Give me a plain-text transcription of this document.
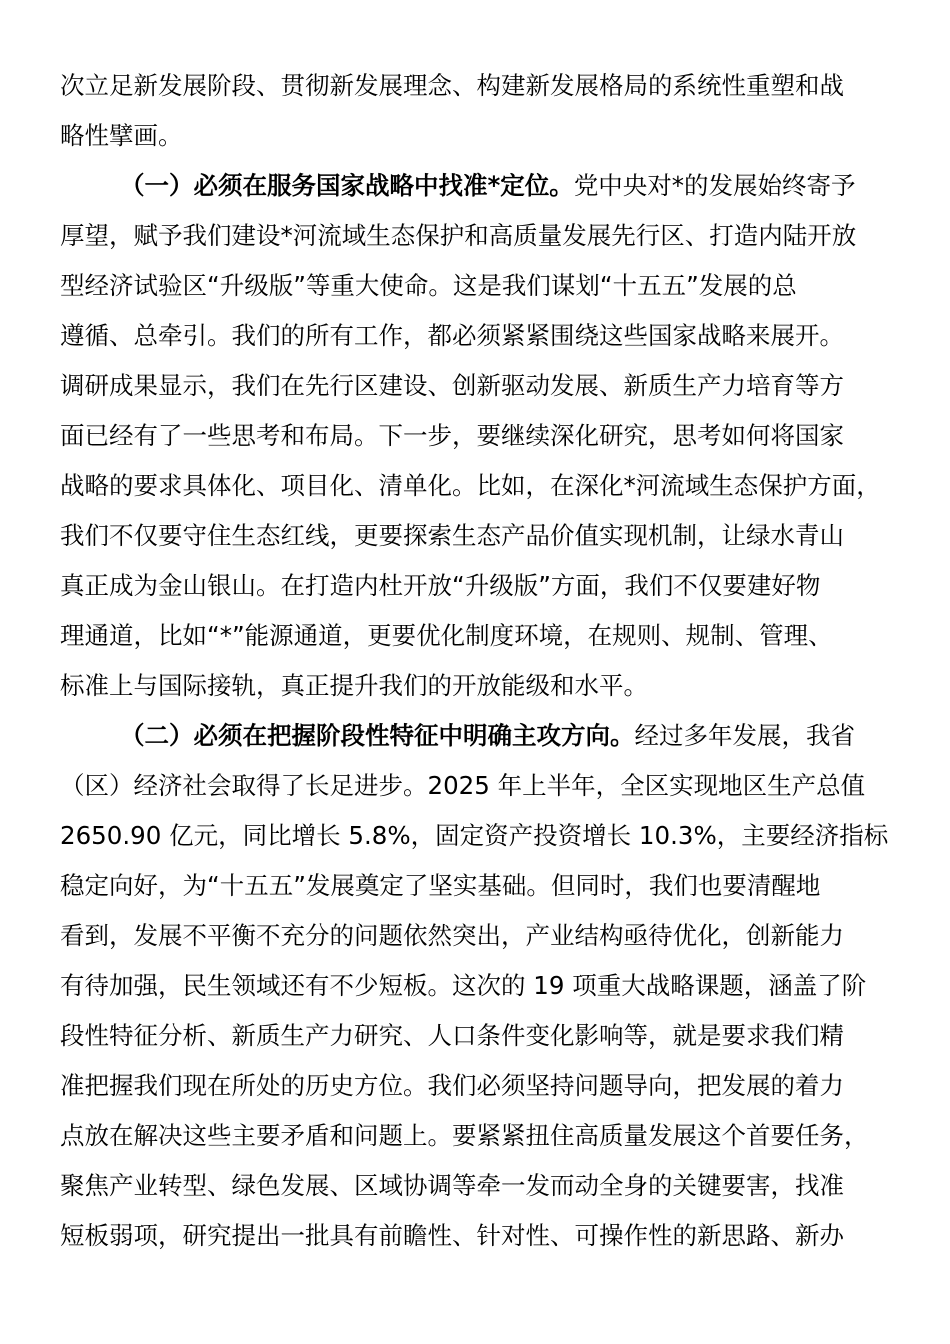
次立足新发展阶段、贯彻新发展理念、构建新发展格局的系统性重塑和战
略性擘画。
（一）必须在服务国家战略中找准*定位。党中央对*的发展始终寄予
厚望，赋予我们建设*河流域生态保护和高质量发展先行区、打造内陆开放
型经济试验区“升级版”等重大使命。这是我们谋划“十五五”发展的总
遵循、总牵引。我们的所有工作，都必须紧紧围绕这些国家战略来展开。
调研成果显示，我们在先行区建设、创新驱动发展、新质生产力培育等方
面已经有了一些思考和布局。下一步，要继续深化研究，思考如何将国家
战略的要求具体化、项目化、清单化。比如，在深化*河流域生态保护方面，
我们不仅要守住生态红线，更要探索生态产品价值实现机制，让绿水青山
真正成为金山银山。在打造内杜开放“升级版”方面，我们不仅要建好物
理通道，比如“*”能源通道，更要优化制度环境，在规则、规制、管理、
标准上与国际接轨，真正提升我们的开放能级和水平。
（二）必须在把握阶段性特征中明确主攻方向。经过多年发展，我省
（区）经济社会取得了长足进步。2025 年上半年，全区实现地区生产总值
2650.90 亿元，同比增长 5.8%，固定资产投资增长 10.3%，主要经济指标
稳定向好，为“十五五”发展奠定了坚实基础。但同时，我们也要清醒地
看到，发展不平衡不充分的问题依然突出，产业结构亟待优化，创新能力
有待加强，民生领域还有不少短板。这次的 19 项重大战略课题，涵盖了阶
段性特征分析、新质生产力研究、人口条件变化影响等，就是要求我们精
准把握我们现在所处的历史方位。我们必须坚持问题导向，把发展的着力
点放在解决这些主要矛盾和问题上。要紧紧扭住高质量发展这个首要任务，
聚焦产业转型、绿色发展、区域协调等牵一发而动全身的关键要害，找准
短板弱项，研究提出一批具有前瞻性、针对性、可操作性的新思路、新办
